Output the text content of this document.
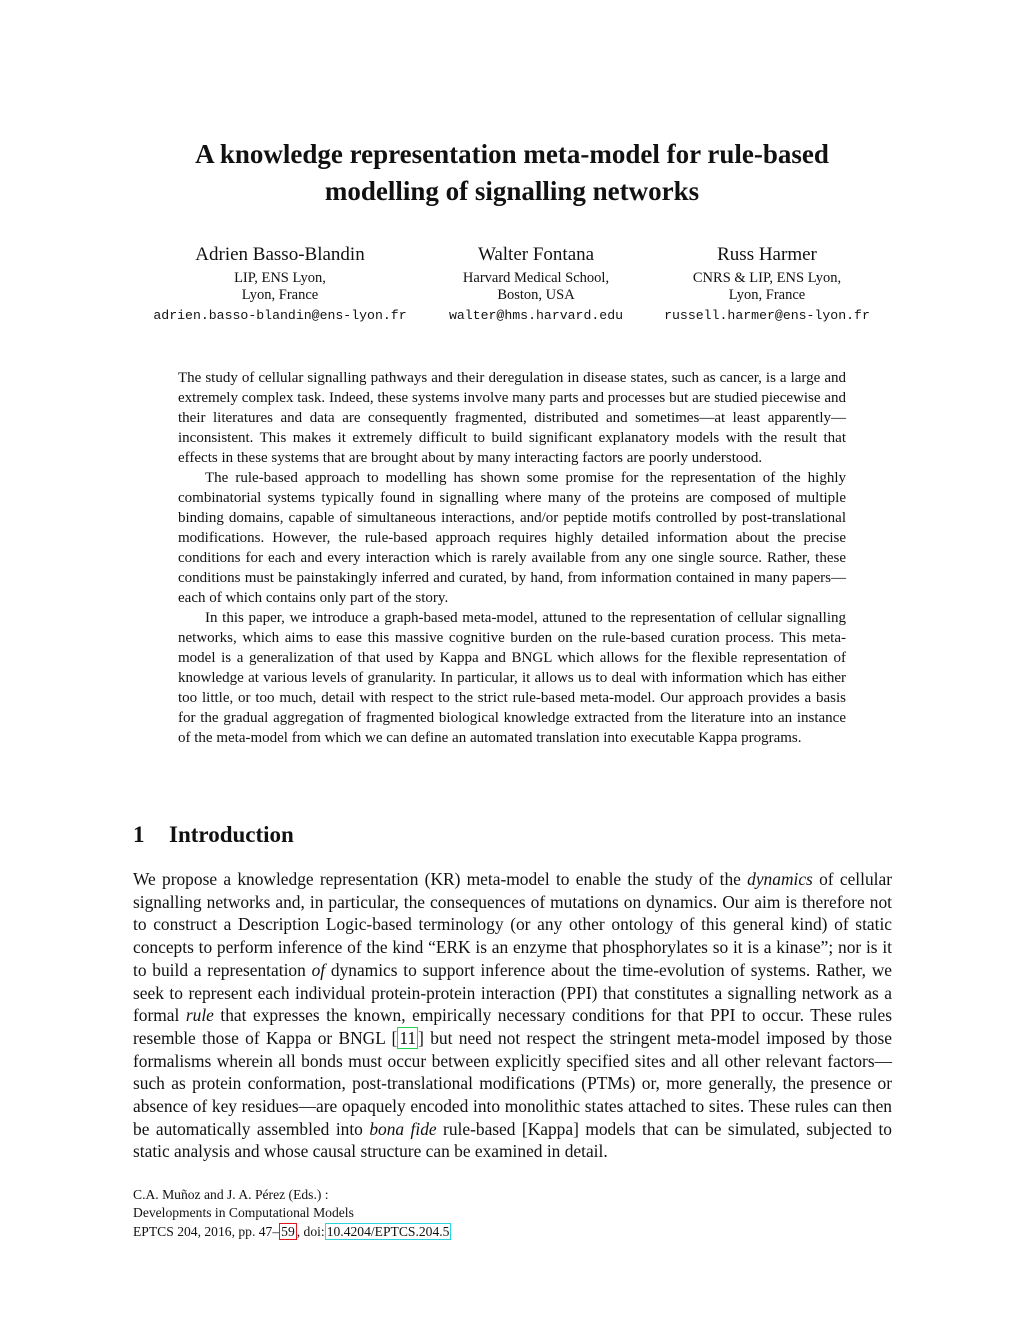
A knowledge representation meta-model for rule-based
modelling of signalling networks
Adrien Basso-Blandin
LIP, ENS Lyon,
Lyon, France
adrien.basso-blandin@ens-lyon.fr
Walter Fontana
Harvard Medical School,
Boston, USA
walter@hms.harvard.edu
Russ Harmer
CNRS & LIP, ENS Lyon,
Lyon, France
russell.harmer@ens-lyon.fr

The study of cellular signalling pathways and their deregulation in disease states, such as cancer, is a large and extremely complex task. Indeed, these systems involve many parts and processes but are studied piecewise and their literatures and data are consequently fragmented, distributed and sometimes—at least apparently—inconsistent. This makes it extremely difficult to build significant explanatory models with the result that effects in these systems that are brought about by many interacting factors are poorly understood.

The rule-based approach to modelling has shown some promise for the representation of the highly combinatorial systems typically found in signalling where many of the proteins are composed of multiple binding domains, capable of simultaneous interactions, and/or peptide motifs controlled by post-translational modifications. However, the rule-based approach requires highly detailed information about the precise conditions for each and every interaction which is rarely available from any one single source. Rather, these conditions must be painstakingly inferred and curated, by hand, from information contained in many papers—each of which contains only part of the story.

In this paper, we introduce a graph-based meta-model, attuned to the representation of cellular signalling networks, which aims to ease this massive cognitive burden on the rule-based curation process. This meta-model is a generalization of that used by Kappa and BNGL which allows for the flexible representation of knowledge at various levels of granularity. In particular, it allows us to deal with information which has either too little, or too much, detail with respect to the strict rule-based meta-model. Our approach provides a basis for the gradual aggregation of fragmented biological knowledge extracted from the literature into an instance of the meta-model from which we can define an automated translation into executable Kappa programs.

1 Introduction

We propose a knowledge representation (KR) meta-model to enable the study of the dynamics of cellular signalling networks and, in particular, the consequences of mutations on dynamics. Our aim is therefore not to construct a Description Logic-based terminology (or any other ontology of this general kind) of static concepts to perform inference of the kind “ERK is an enzyme that phosphorylates so it is a kinase”; nor is it to build a representation of dynamics to support inference about the time-evolution of systems. Rather, we seek to represent each individual protein-protein interaction (PPI) that constitutes a signalling network as a formal rule that expresses the known, empirically necessary conditions for that PPI to occur. These rules resemble those of Kappa or BNGL [ 11 ] but need not respect the stringent meta-model imposed by those formalisms wherein all bonds must occur between explicitly specified sites and all other relevant factors—such as protein conformation, post-translational modifications (PTMs) or, more generally, the presence or absence of key residues—are opaquely encoded into monolithic states attached to sites. These rules can then be automatically assembled into bona fide rule-based [Kappa] models that can be simulated, subjected to static analysis and whose causal structure can be examined in detail.

C.A. Muñoz and J. A. Pérez (Eds.) :
Developments in Computational Models
EPTCS 204, 2016, pp. 47– 59 , doi: 10.4204/EPTCS.204.5
